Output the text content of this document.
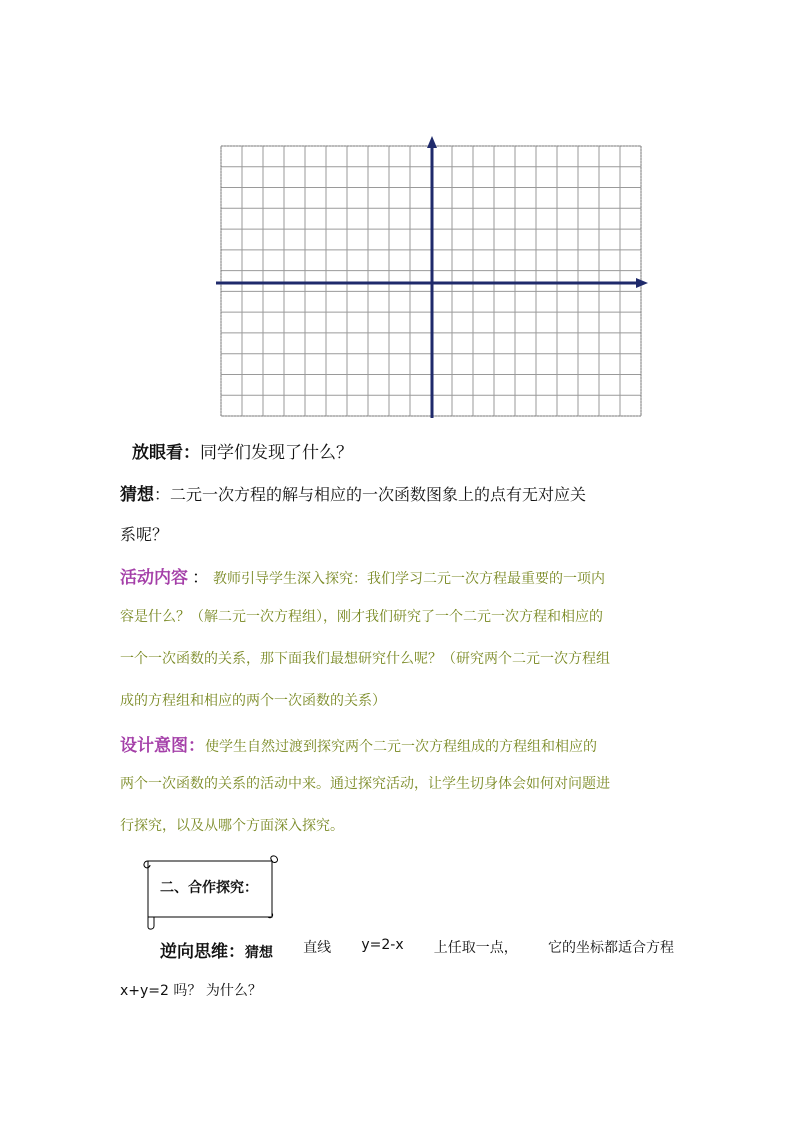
放眼看：同学们发现了什么？
猜想：二元一次方程的解与相应的一次函数图象上的点有无对应关
系呢？
活动内容 ： 教师引导学生深入探究：我们学习二元一次方程最重要的一项内
容是什么？（解二元一次方程组），刚才我们研究了一个二元一次方程和相应的
一个一次函数的关系，那下面我们最想研究什么呢？（研究两个二元一次方程组
成的方程组和相应的两个一次函数的关系）
设计意图：使学生自然过渡到探究两个二元一次方程组成的方程组和相应的
两个一次函数的关系的活动中来。通过探究活动，让学生切身体会如何对问题进
行探究，以及从哪个方面深入探究。
二、合作探究：
逆向思维：猜想 直线 y=2-x 上任取一点， 它的坐标都适合方程
x+y=2 吗？ 为什么？
